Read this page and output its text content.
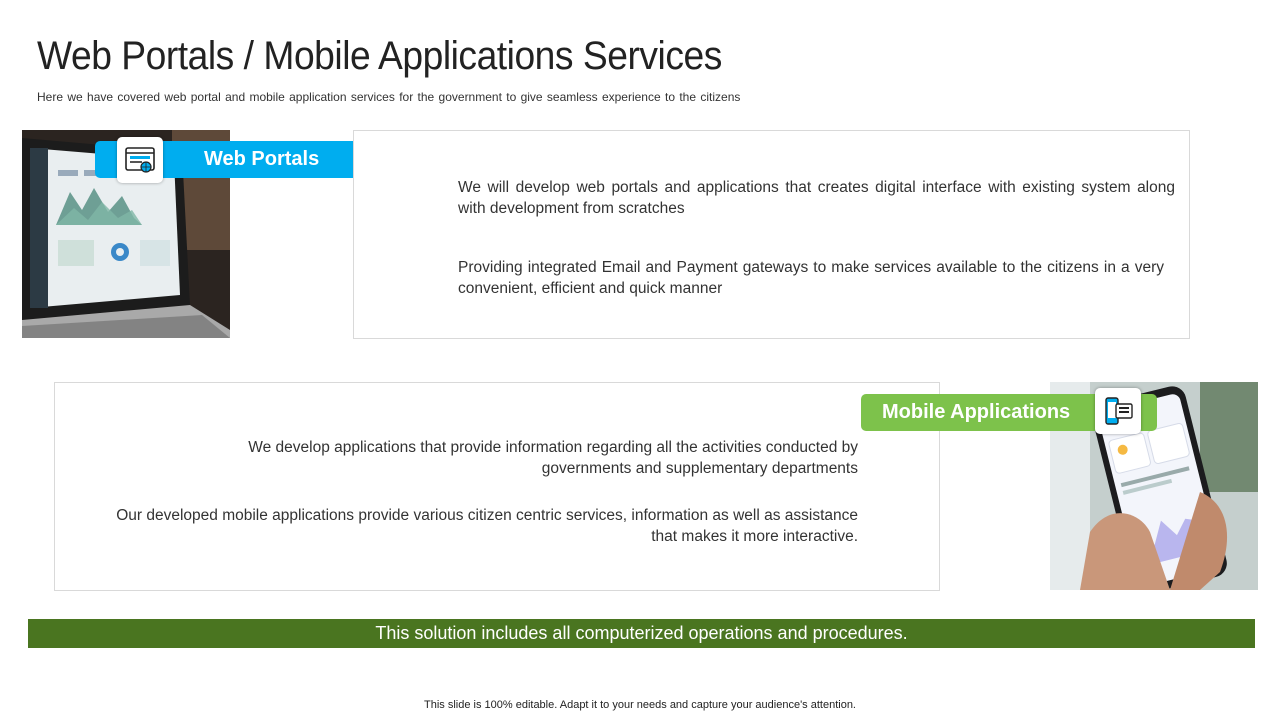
Web Portals / Mobile Applications Services
Here we have covered web portal and mobile application services for the government to give seamless experience to the citizens
Web Portals
We will develop web portals and applications that creates digital interface with existing system along with development from scratches
Providing integrated Email and Payment gateways to make services available to the citizens in a very convenient, efficient and quick manner
We develop applications that provide information regarding all the activities conducted by governments and supplementary departments
Our developed mobile applications provide various citizen centric services, information as well as assistance that makes it more interactive.
Mobile Applications
This solution includes all computerized operations and procedures.
This slide is 100% editable. Adapt it to your needs and capture your audience's attention.
